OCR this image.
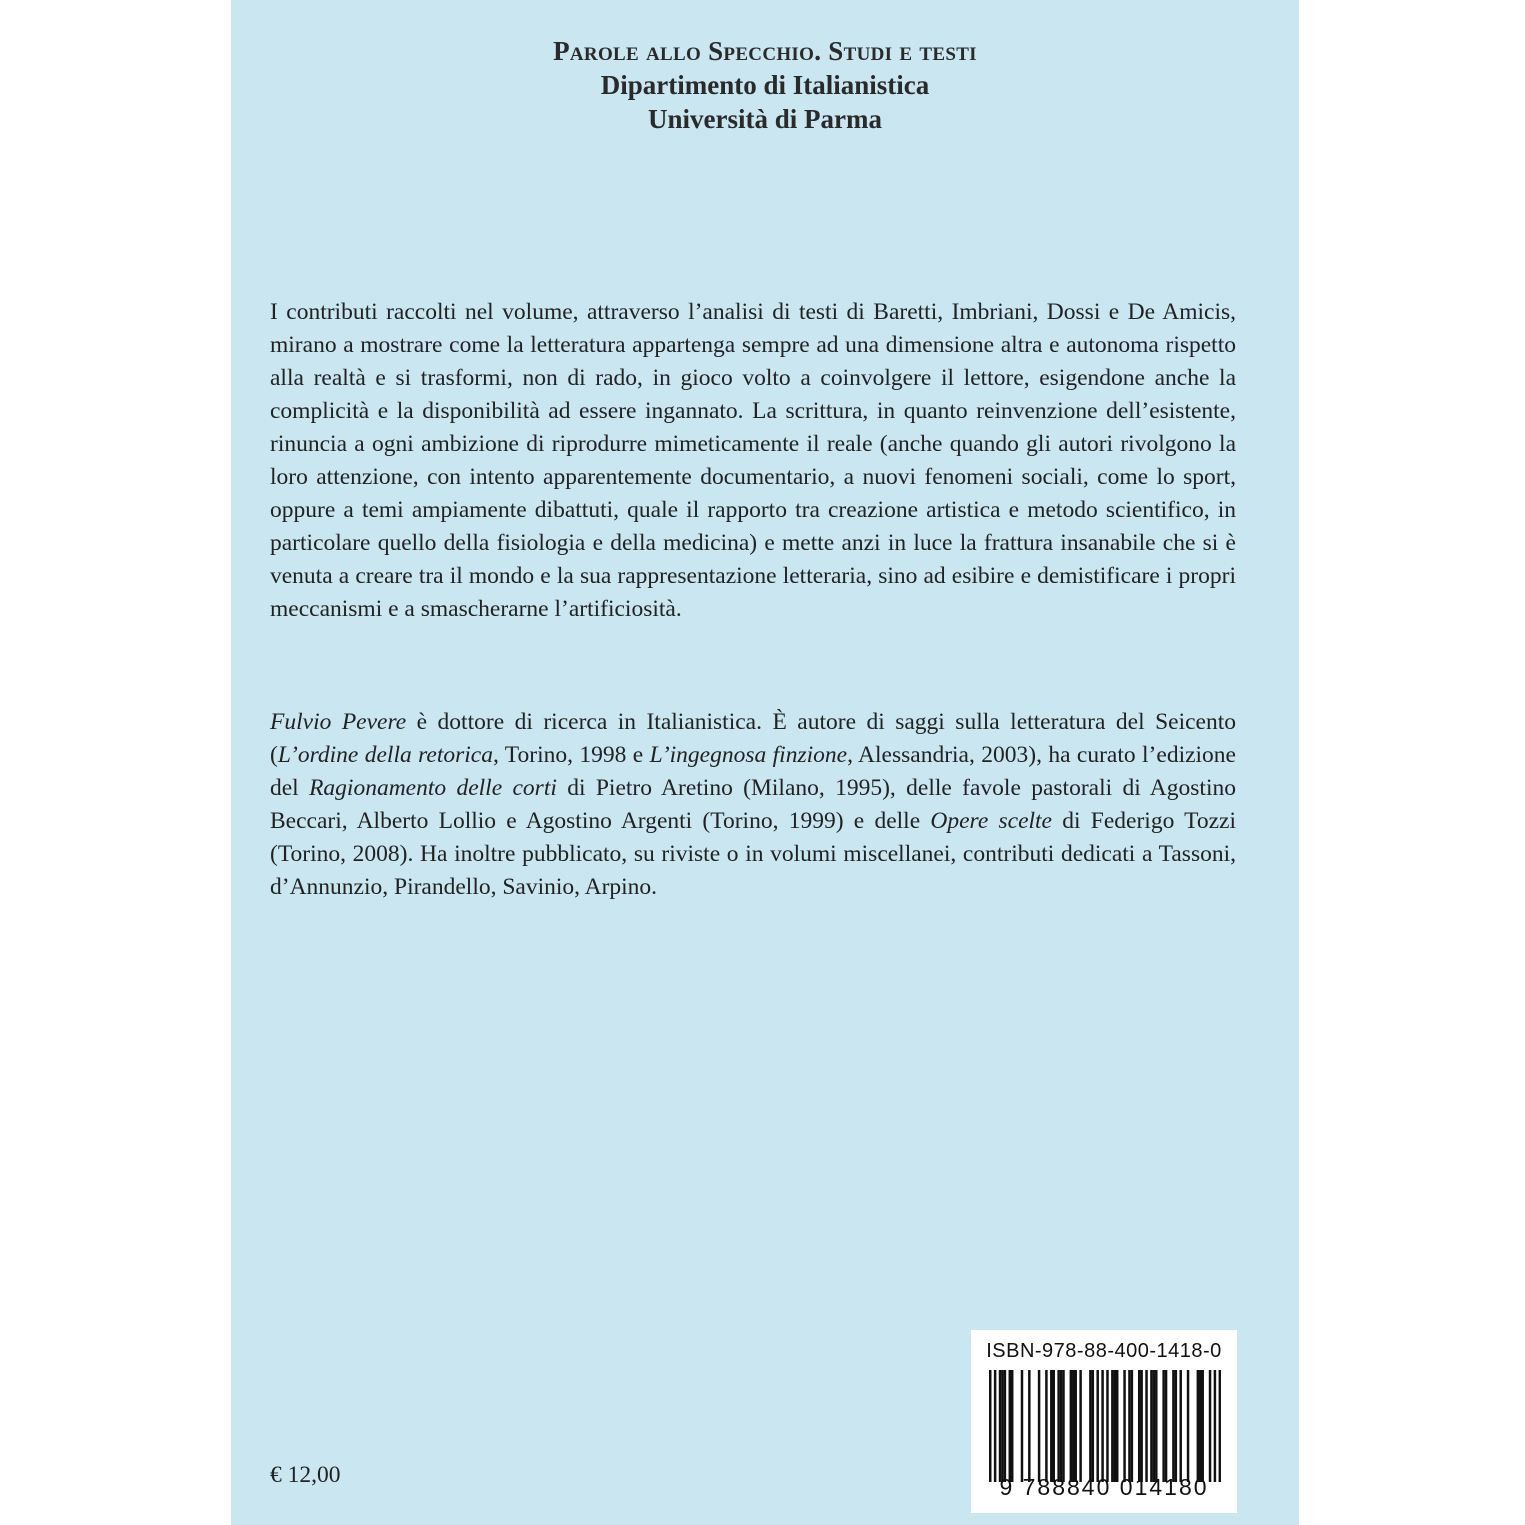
Parole allo Specchio. Studi e testi
Dipartimento di Italianistica
Università di Parma

I contributi raccolti nel volume, attraverso l’analisi di testi di Baretti, Imbriani, Dossi e De Amicis, mirano a mostrare come la letteratura appartenga sempre ad una dimensione altra e autonoma rispetto alla realtà e si trasformi, non di rado, in gioco volto a coinvolgere il lettore, esigendone anche la complicità e la disponibilità ad essere ingannato. La scrittura, in quanto reinvenzione dell’esistente, rinuncia a ogni ambizione di riprodurre mimeticamente il reale (anche quando gli autori rivolgono la loro attenzione, con intento apparentemente documentario, a nuovi fenomeni sociali, come lo sport, oppure a temi ampiamente dibattuti, quale il rapporto tra creazione artistica e metodo scientifico, in particolare quello della fisiologia e della medicina) e mette anzi in luce la frattura insanabile che si è venuta a creare tra il mondo e la sua rappresentazione letteraria, sino ad esibire e demistificare i propri meccanismi e a smascherarne l’artificiosità.

Fulvio Pevere è dottore di ricerca in Italianistica. È autore di saggi sulla letteratura del Seicento (L’ordine della retorica, Torino, 1998 e L’ingegnosa finzione, Alessandria, 2003), ha curato l’edizione del Ragionamento delle corti di Pietro Aretino (Milano, 1995), delle favole pastorali di Agostino Beccari, Alberto Lollio e Agostino Argenti (Torino, 1999) e delle Opere scelte di Federigo Tozzi (Torino, 2008). Ha inoltre pubblicato, su riviste o in volumi miscellanei, contributi dedicati a Tassoni, d’Annunzio, Pirandello, Savinio, Arpino.

ISBN-978-88-400-1418-0
9 788840 014180
€ 12,00
